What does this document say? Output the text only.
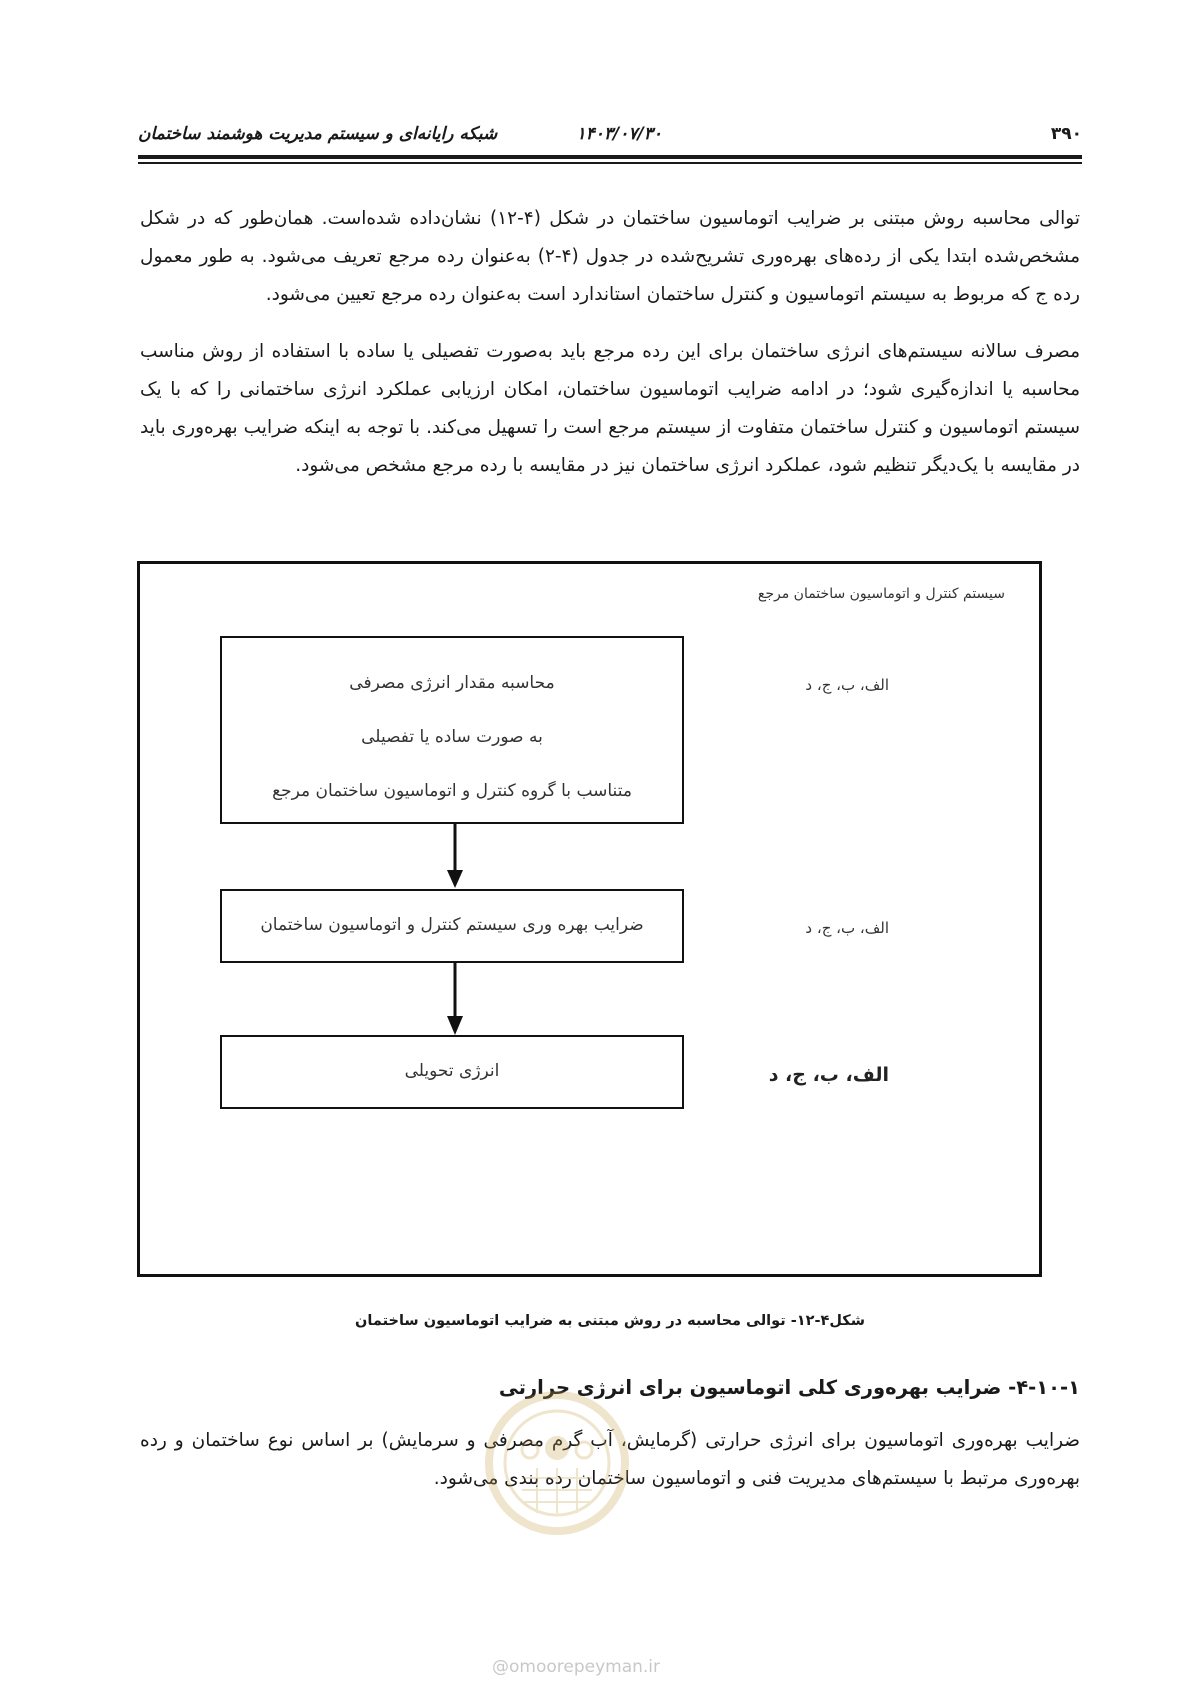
۳۹۰
۱۴۰۳/۰۷/۳۰
شبکه رایانه‌ای و سیستم مدیریت هوشمند ساختمان

توالی محاسبه روش مبتنی بر ضرایب اتوماسیون ساختمان در شکل (۴-۱۲) نشان‌داده شده‌است. همان‌طور که در شکل مشخص‌شده ابتدا یکی از رده‌های بهره‌وری تشریح‌شده در جدول (۴-۲) به‌عنوان رده مرجع تعریف می‌شود. به طور معمول رده ج که مربوط به سیستم اتوماسیون و کنترل ساختمان استاندارد است به‌عنوان رده مرجع تعیین می‌شود.

مصرف سالانه سیستم‌های انرژی ساختمان برای این رده مرجع باید به‌صورت تفصیلی یا ساده با استفاده از روش مناسب محاسبه یا اندازه‌گیری شود؛ در ادامه ضرایب اتوماسیون ساختمان، امکان ارزیابی عملکرد انرژی ساختمانی را که با یک سیستم اتوماسیون و کنترل ساختمان متفاوت از سیستم مرجع است را تسهیل می‌کند. با توجه به اینکه ضرایب بهره‌وری باید در مقایسه با یک‌دیگر تنظیم شود، عملکرد انرژی ساختمان نیز در مقایسه با رده مرجع مشخص می‌شود.

سیستم کنترل و اتوماسیون ساختمان مرجع
محاسبه مقدار انرژی مصرفی
به صورت ساده یا تفصیلی
متناسب با گروه کنترل و اتوماسیون ساختمان مرجع
ضرایب بهره وری سیستم کنترل و اتوماسیون ساختمان
انرژی تحویلی
الف، ب، ج، د
الف، ب، ج، د
الف، ب، ج، د
شکل۴-۱۲- توالی محاسبه در روش مبتنی به ضرایب اتوماسیون ساختمان
۴-۱۰-۱- ضرایب بهره‌وری کلی اتوماسیون برای انرژی حرارتی

ضرایب بهره‌وری اتوماسیون برای انرژی حرارتی (گرمایش، آب گرم مصرفی و سرمایش) بر اساس نوع ساختمان و رده بهره‌وری مرتبط با سیستم‌های مدیریت فنی و اتوماسیون ساختمان رده بندی می‌شود.

@omoorepeyman.ir
